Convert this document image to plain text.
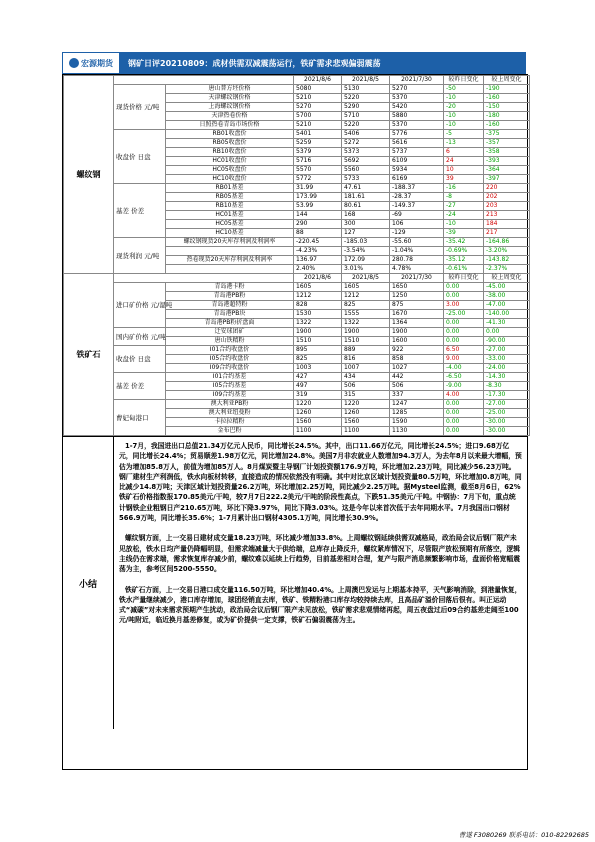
宏源期货 钢矿日评20210809：成材供需双减震荡运行，铁矿需求悲观偏弱震荡
螺纹钢			2021/8/6	2021/8/5	2021/7/30	较昨日变化	较上周变化
	现货价格 元/吨	唐山普方坯价格	5080	5130	5270	-50	-190
		天津螺纹钢价格	5210	5220	5370	-10	-160
		上海螺纹钢价格	5270	5290	5420	-20	-150
		天津热卷价格	5700	5710	5880	-10	-180
		日照热卷青岛市场价格	5210	5220	5370	-10	-160
	收盘价 日盘	RB01收盘价	5401	5406	5776	-5	-375
		RB05收盘价	5259	5272	5616	-13	-357
		RB10收盘价	5379	5373	5737	6	-358
		HC01收盘价	5716	5692	6109	24	-393
		HC05收盘价	5570	5560	5934	10	-364
		HC10收盘价	5772	5733	6169	39	-397
	基差 价差	RB01基差	31.99	47.61	-188.37	-16	220
		RB05基差	173.99	181.61	-28.37	-8	202
		RB10基差	53.99	80.61	-149.37	-27	203
		HC01基差	144	168	-69	-24	213
		HC05基差	290	300	106	-10	184
		HC10基差	88	127	-129	-39	217
	现货利润 元/吨	螺纹钢现货20天库存利润及利润率	-220.45	-185.03	-55.60	-35.42	-164.86
			-4.23%	-3.54%	-1.04%	-0.69%	-3.20%
		热卷现货20天库存利润及利润率	136.97	172.09	280.78	-35.12	-143.82
			2.40%	3.01%	4.78%	-0.61%	-2.37%
铁矿石			2021/8/6	2021/8/5	2021/7/30	较昨日变化	较上周变化
	进口矿价格 元/湿吨	青岛港卡粉	1605	1605	1650	0.00	-45.00
		青岛港PB粉	1212	1212	1250	0.00	-38.00
		青岛港超特粉	828	825	875	3.00	-47.00
		青岛港PB块	1530	1555	1670	-25.00	-140.00
		青岛港PB粉折盘面	1322	1322	1364	0.00	-41.30
	国内矿价格 元/吨	迁安球团矿	1900	1900	1900	0.00	0.00
		唐山铁精粉	1510	1510	1600	0.00	-90.00
	收盘价 日盘	I01合约收盘价	895	889	922	6.50	-27.00
		I05合约收盘价	825	816	858	9.00	-33.00
		I09合约收盘价	1003	1007	1027	-4.00	-24.00
	基差 价差	I01合约基差	427	434	442	-6.50	-14.30
		I05合约基差	497	506	506	-9.00	-8.30
		I09合约基差	319	315	337	4.00	-17.30
	曹妃甸港口	澳大利亚PB粉	1220	1220	1247	0.00	-27.00
		澳大利亚纽曼粉	1260	1260	1285	0.00	-25.00
		卡拉拉精粉	1560	1560	1590	0.00	-30.00
		金布巴粉	1100	1100	1130	0.00	-30.00
小结

1-7月，我国进出口总值21.34万亿元人民币，同比增长24.5%。其中，出口11.66万亿元，同比增长24.5%；进口9.68万亿元，同比增长24.4%；贸易顺差1.98万亿元，同比增加24.8%。美国7月非农就业人数增加94.3万人，为去年8月以来最大增幅，预估为增加85.8万人，前值为增加85万人。8月煤炭暨主导钢厂计划投资额176.9万吨，环比增加2.23万吨，同比减少56.23万吨。钢厂建材生产利润低，铁水向板材转移，直接造成的情况依然没有明确。其中对比京区域计划投资量80.5万吨，环比增加0.8万吨，同比减少14.8万吨；天津区域计划投资量26.2万吨，环比增加2.25万吨，同比减少2.25万吨。据Mysteel监测，截至8月6日，62%铁矿石价格指数报170.85美元/干吨，较7月7日222.2美元/干吨的阶段性高点，下跌51.35美元/干吨。中钢协：7月下旬，重点统计钢铁企业粗钢日产210.65万吨，环比下降3.97%，同比下降3.03%。这是今年以来首次低于去年同期水平。7月我国出口钢材566.9万吨，同比增长35.6%；1-7月累计出口钢材4305.1万吨，同比增长30.9%。

螺纹钢方面，上一交易日建材成交量18.23万吨，环比减少增加33.8%。上周螺纹钢延续供需双减格局，政治局会议后钢厂限产未见放松，铁水日均产量仍降幅明显，但需求端减量大于供给端，总库存止降反升，螺纹紧库情况下，尽管限产放松预期有所落空，逻辑主线仍在需求端，需求恢复库存减少前，螺纹难以延续上行趋势，目前基差相对合理，复产与限产消息频繁影响市场，盘面价格宽幅震荡为主，参考区间5200-5550。

铁矿石方面，上一交易日港口成交量116.50万吨，环比增加40.4%。上周澳巴发运与上期基本持平，天气影响消除，到港量恢复，铁水产量继续减少，港口库存增加，球团经销直去库，铁矿、铁精粉港口库存均较持续去库，且高品矿溢价回落后很有。叫正运动式“减碳”对未来需求预期产生扰动，政治局会议后钢厂限产未见放松，铁矿需求悲观情绪再起，周五夜盘过后09合约基差走阔至100元/吨附近，临近换月基差修复，或为矿价提供一定支撑，铁矿石偏弱震荡为主。

曹遂 F3080269 联系电话：010-82292685
